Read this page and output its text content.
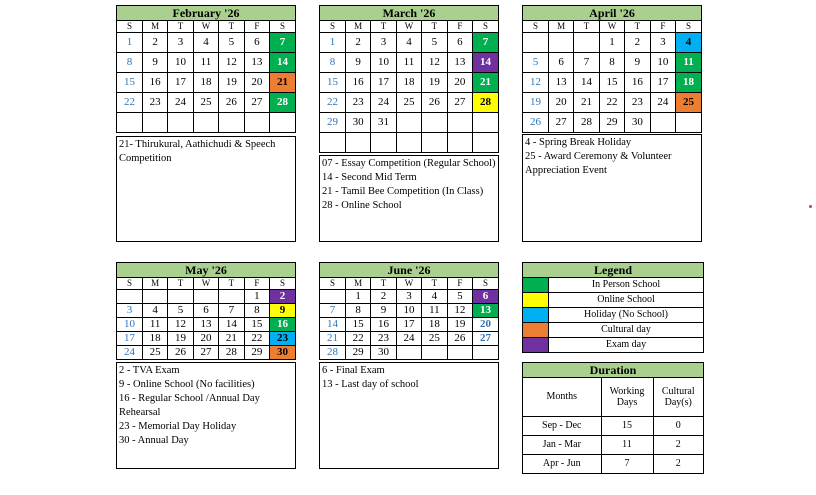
February '26
S	M	T	W	T	F	S
1	2	3	4	5	6	7
8	9	10	11	12	13	14
15	16	17	18	19	20	21
22	23	24	25	26	27	28

21- Thirukural, Aathichudi & Speech Competition
March '26
S	M	T	W	T	F	S
1	2	3	4	5	6	7
8	9	10	11	12	13	14
15	16	17	18	19	20	21
22	23	24	25	26	27	28
29	30	31				

07 - Essay Competition (Regular School)
14 - Second Mid Term
21 - Tamil Bee Competition (In Class)
28 - Online School
April '26
S	M	T	W	T	F	S
			1	2	3	4
5	6	7	8	9	10	11
12	13	14	15	16	17	18
19	20	21	22	23	24	25
26	27	28	29	30		
4 - Spring Break Holiday
25 - Award Ceremony & Volunteer Appreciation Event
May '26
S	M	T	W	T	F	S
					1	2
3	4	5	6	7	8	9
10	11	12	13	14	15	16
17	18	19	20	21	22	23
24	25	26	27	28	29	30
2 - TVA Exam
9 - Online School (No facilities)
16 - Regular School /Annual Day Rehearsal
23 - Memorial Day Holiday
30 - Annual Day
June '26
S	M	T	W	T	F	S
	1	2	3	4	5	6
7	8	9	10	11	12	13
14	15	16	17	18	19	20
21	22	23	24	25	26	27
28	29	30				
6 - Final Exam
13 - Last day of school
Legend
In Person School
Online School
Holiday (No School)
Cultural day
Exam day
Duration
Months	Working Days	Cultural Day(s)
Sep - Dec	15	0
Jan - Mar	11	2
Apr - Jun	7	2
